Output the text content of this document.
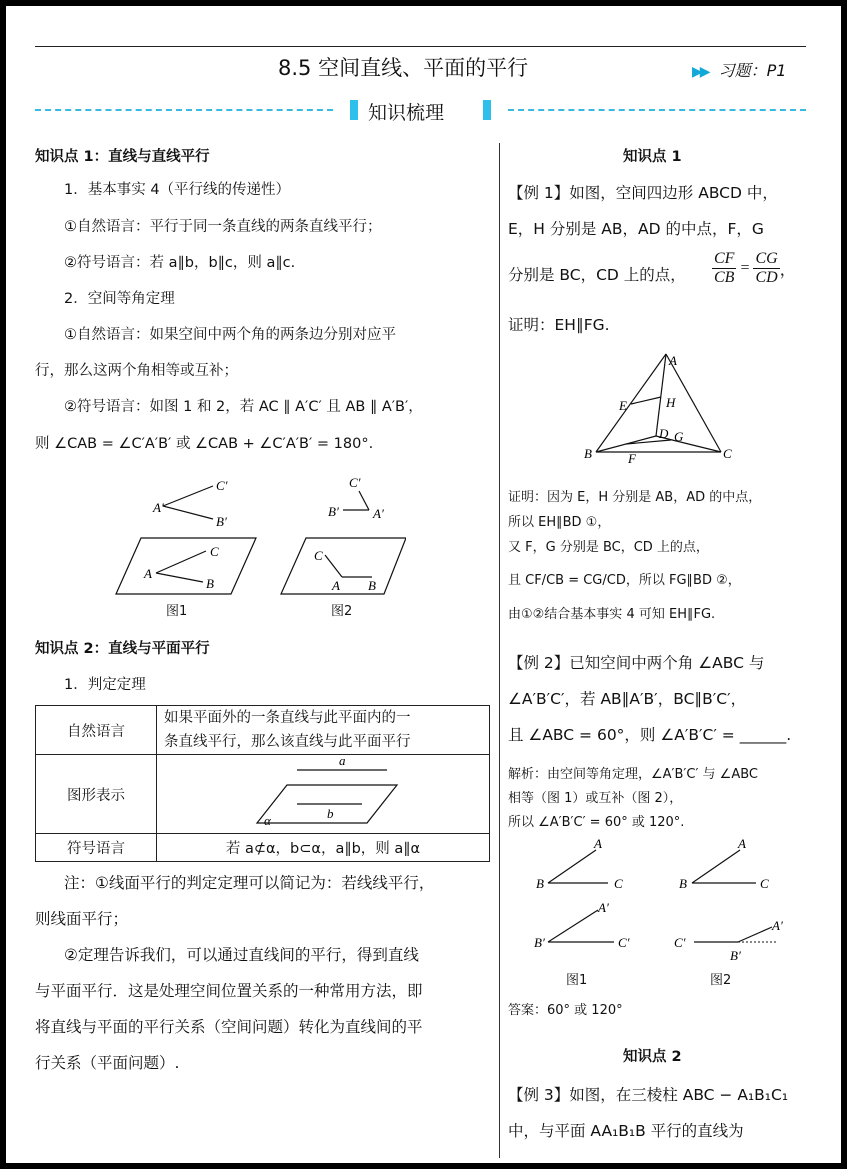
8.5 空间直线、平面的平行	▶▶ 习题：P1
知识梳理
知识点 1：直线与直线平行
1．基本事实 4（平行线的传递性）
①自然语言：平行于同一条直线的两条直线平行；
②符号语言：若 a∥b，b∥c，则 a∥c.
2．空间等角定理
①自然语言：如果空间中两个角的两条边分别对应平
行，那么这两个角相等或互补；
②符号语言：如图 1 和 2，若 AC ∥ A′C′ 且 AB ∥ A′B′，
则 ∠CAB = ∠C′A′B′ 或 ∠CAB + ∠C′A′B′ = 180°.
A′
C′
B′
A
C
B
C′
B′	A′
C
A B
图1	图2
知识点 2：直线与平面平行
1．判定定理
自然语言	如果平面外的一条直线与此平面内的一
条直线平行，那么该直线与此平面平行

图形表示	a
b
α

符号语言	若 a⊄α，b⊂α，a∥b，则 a∥α
注：①线面平行的判定定理可以简记为：若线线平行，
则线面平行；
②定理告诉我们，可以通过直线间的平行，得到直线
与平面平行．这是处理空间位置关系的一种常用方法，即
将直线与平面的平行关系（空间问题）转化为直线间的平
行关系（平面问题）.
知识点 1
【例 1】如图，空间四边形 ABCD 中，
E，H 分别是 AB，AD 的中点，F，G
分别是 BC，CD 上的点， $\frac{CF}{CB} = \frac{CG}{CD}$ ，
证明：EH∥FG.
A
E	H
D G
B	C
F
证明：因为 E，H 分别是 AB，AD 的中点，
所以 EH∥BD ①，
又 F，G 分别是 BC，CD 上的点，
且 CF/CB = CG/CD，所以 FG∥BD ②，
由①②结合基本事实 4 可知 EH∥FG.
【例 2】已知空间中两个角 ∠ABC 与
∠A′B′C′，若 AB∥A′B′，BC∥B′C′，
且 ∠ABC = 60°，则 ∠A′B′C′ = ______.
解析：由空间等角定理，∠A′B′C′ 与 ∠ABC
相等（图 1）或互补（图 2），
所以 ∠A′B′C′ = 60° 或 120°.
A
B	C
A′
B′	C′
A
B	C
A′
C′
B′
图1	图2
答案：60° 或 120°
知识点 2
【例 3】如图，在三棱柱 ABC − A₁B₁C₁
中，与平面 AA₁B₁B 平行的直线为
